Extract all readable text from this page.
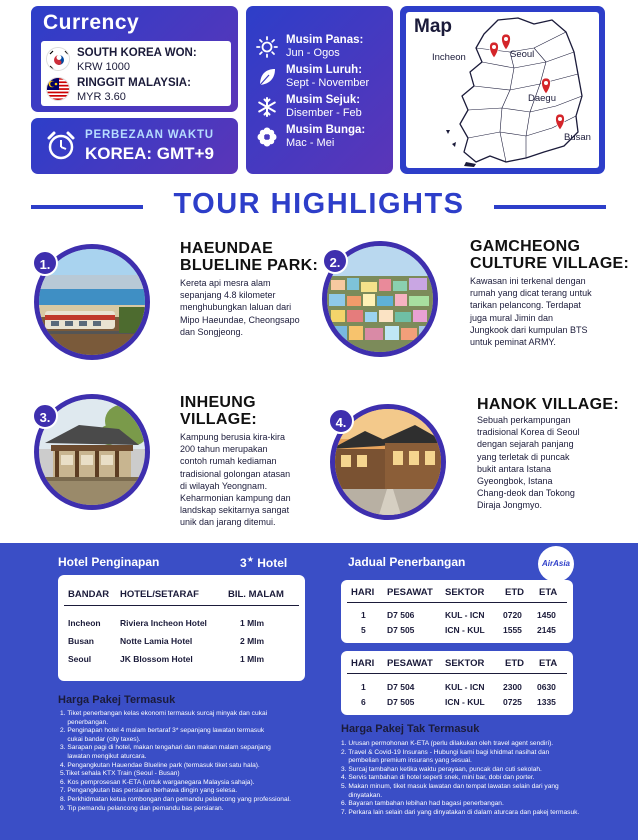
Currency
SOUTH KOREA WON:
KRW 1000
RINGGIT MALAYSIA:
MYR 3.60
PERBEZAAN WAKTU
KOREA: GMT+9
Musim Panas:
Jun - Ogos
Musim Luruh:
Sept - November
Musim Sejuk:
Disember - Feb
Musim Bunga:
Mac - Mei
Map
Incheon	Seoul
Daegu
Busan
TOUR HIGHLIGHTS
1.
HAEUNDAE
BLUELINE PARK:
Kereta api mesra alam
sepanjang 4.8 kilometer
menghubungkan laluan dari
Mipo Haeundae, Cheongsapo
dan Songjeong.
2.
GAMCHEONG
CULTURE VILLAGE:
Kawasan ini terkenal dengan
rumah yang dicat terang untuk
tarikan pelancong. Terdapat
juga mural Jimin dan
Jungkook dari kumpulan BTS
untuk peminat ARMY.
3.
INHEUNG
VILLAGE:
Kampung berusia kira-kira
200 tahun merupakan
contoh rumah kediaman
tradisional golongan atasan
di wilayah Yeongnam.
Keharmonian kampung dan
landskap sekitarnya sangat
unik dan jarang ditemui.
4.
HANOK VILLAGE:
Sebuah perkampungan
tradisional Korea di Seoul
dengan sejarah panjang
yang terletak di puncak
bukit antara Istana
Gyeongbok, Istana
Chang-deok dan Tokong
Diraja Jongmyo.
Hotel Penginapan	3★ Hotel
BANDAR HOTEL/SETARAF	BIL. MALAM
Incheon Riviera Incheon Hotel	1 Mlm
Busan	Notte Lamia Hotel	2 Mlm
Seoul	JK Blossom Hotel	1 Mlm
Jadual Penerbangan	AirAsia
HARI PESAWAT SEKTOR ETD ETA
1	D7 506	KUL - ICN 0720 1450
5	D7 505	ICN - KUL 1555 2145
HARI PESAWAT SEKTOR ETD ETA
1	D7 504	KUL - ICN 2300 0630
6	D7 505	ICN - KUL 0725 1335
Harga Pakej Termasuk
1. Tiket penerbangan kelas ekonomi termasuk surcaj minyak dan cukai
penerbangan.
2. Penginapan hotel 4 malam bertaraf 3* sepanjang lawatan termasuk
cukai bandar (city taxes).
3. Sarapan pagi di hotel, makan tengahari dan makan malam sepanjang
lawatan mengikut aturcara.
4. Pengangkutan Hauendae Blueline park (termasuk tiket satu hala).
5.Tiket sehala KTX Train (Seoul - Busan)
6. Kos pemprosesan K-ETA (untuk warganegara Malaysia sahaja).
7. Pengangkutan bas persiaran berhawa dingin yang selesa.
8. Perkhidmatan ketua rombongan dan pemandu pelancong yang professional.
9. Tip pemandu pelancong dan pemandu bas persiaran.
Harga Pakej Tak Termasuk
1. Urusan permohonan K-ETA (perlu dilakukan oleh travel agent sendiri).
2. Travel & Covid-19 Insurans - Hubungi kami bagi khidmat nasihat dan
pembelian premium insurans yang sesuai.
3. Surcaj tambahan ketika waktu perayaan, puncak dan cuti sekolah.
4. Servis tambahan di hotel seperti snek, mini bar, dobi dan porter.
5. Makan minum, tiket masuk lawatan dan tempat lawatan selain dari yang
dinyatakan.
6. Bayaran tambahan lebihan had bagasi penerbangan.
7. Perkara lain selain dari yang dinyatakan di dalam aturcara dan pakej termasuk.
